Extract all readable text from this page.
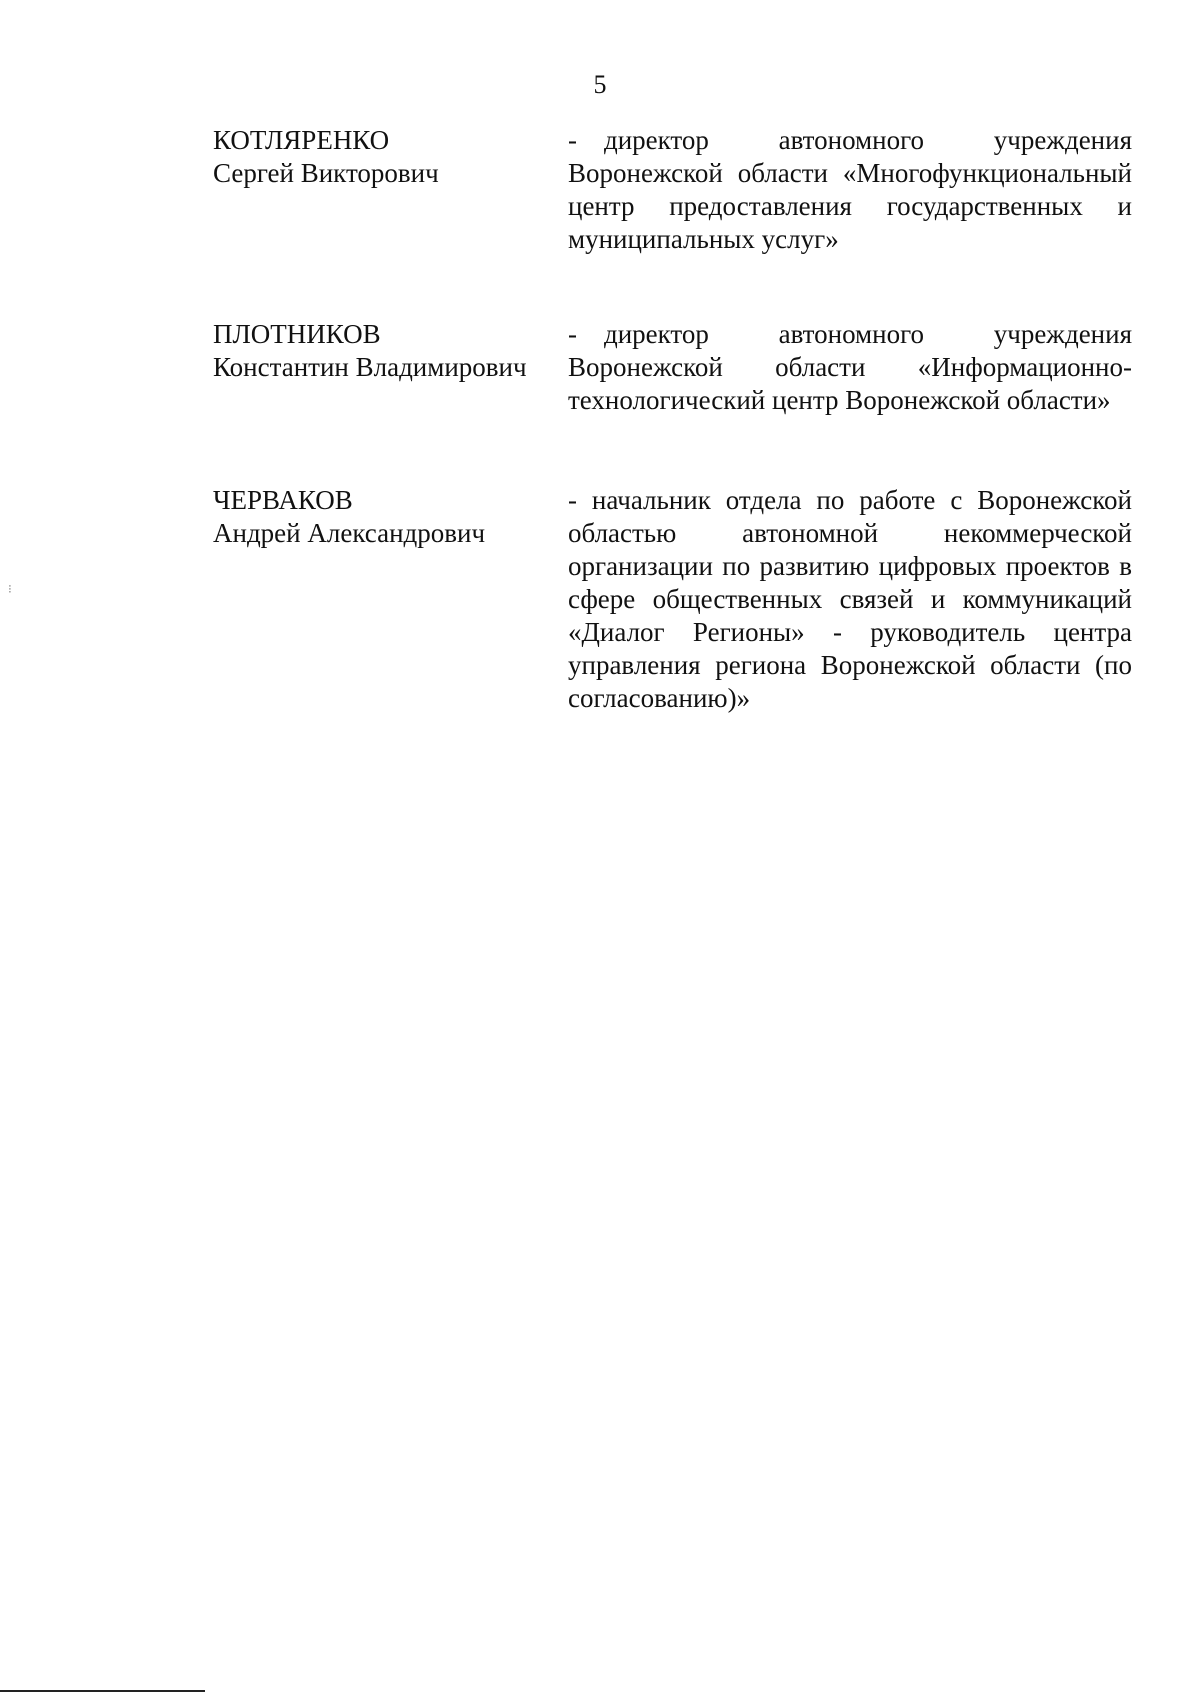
5
КОТЛЯРЕНКО
Сергей Викторович
- директор автономного учреждения Воронежской области «Многофункциональный центр предоставления государственных и муниципальных услуг»
ПЛОТНИКОВ
Константин Владимирович
- директор автономного учреждения Воронежской области «Информационно-технологический центр Воронежской области»
ЧЕРВАКОВ
Андрей Александрович
- начальник отдела по работе с Воронежской областью автономной некоммерческой организации по развитию цифровых проектов в сфере общественных связей и коммуникаций «Диалог Регионы» - руководитель центра управления региона Воронежской области (по согласованию)»
⁝
